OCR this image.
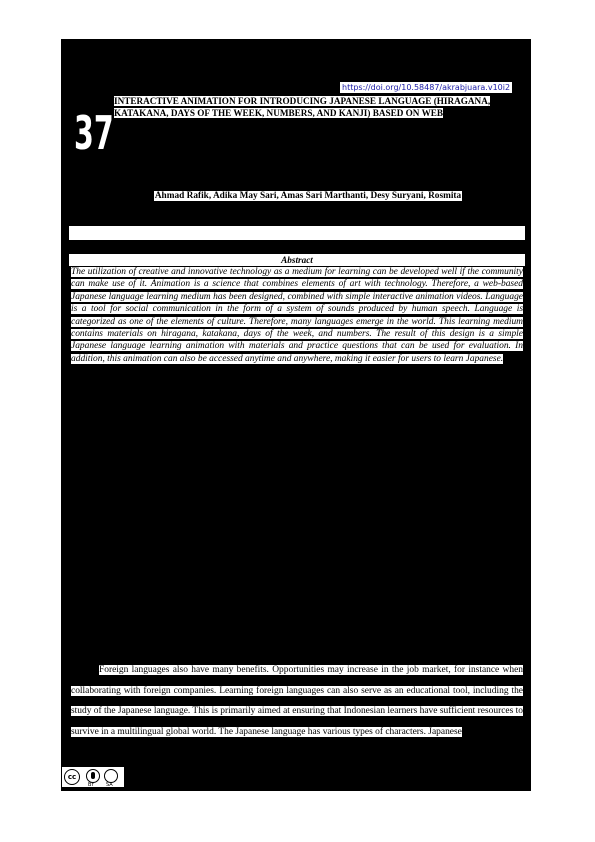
https://doi.org/10.58487/akrabjuara.v10i2
37
INTERACTIVE ANIMATION FOR INTRODUCING JAPANESE LANGUAGE (HIRAGANA, KATAKANA, DAYS OF THE WEEK, NUMBERS, AND KANJI) BASED ON WEB
Ahmad Rafik, Adika May Sari, Amas Sari Marthanti, Desy Suryani, Rosmita
Abstract
The utilization of creative and innovative technology as a medium for learning can be developed well if the community can make use of it. Animation is a science that combines elements of art with technology. Therefore, a web-based Japanese language learning medium has been designed, combined with simple interactive animation videos. Language is a tool for social communication in the form of a system of sounds produced by human speech. Language is categorized as one of the elements of culture. Therefore, many languages emerge in the world. This learning medium contains materials on hiragana, katakana, days of the week, and numbers. The result of this design is a simple Japanese language learning animation with materials and practice questions that can be used for evaluation. In addition, this animation can also be accessed anytime and anywhere, making it easier for users to learn Japanese.
Foreign languages also have many benefits. Opportunities may increase in the job market, for instance when collaborating with foreign companies. Learning foreign languages can also serve as an educational tool, including the study of the Japanese language. This is primarily aimed at ensuring that Indonesian learners have sufficient resources to survive in a multilingual global world. The Japanese language has various types of characters. Japanese
cc
BY SA
